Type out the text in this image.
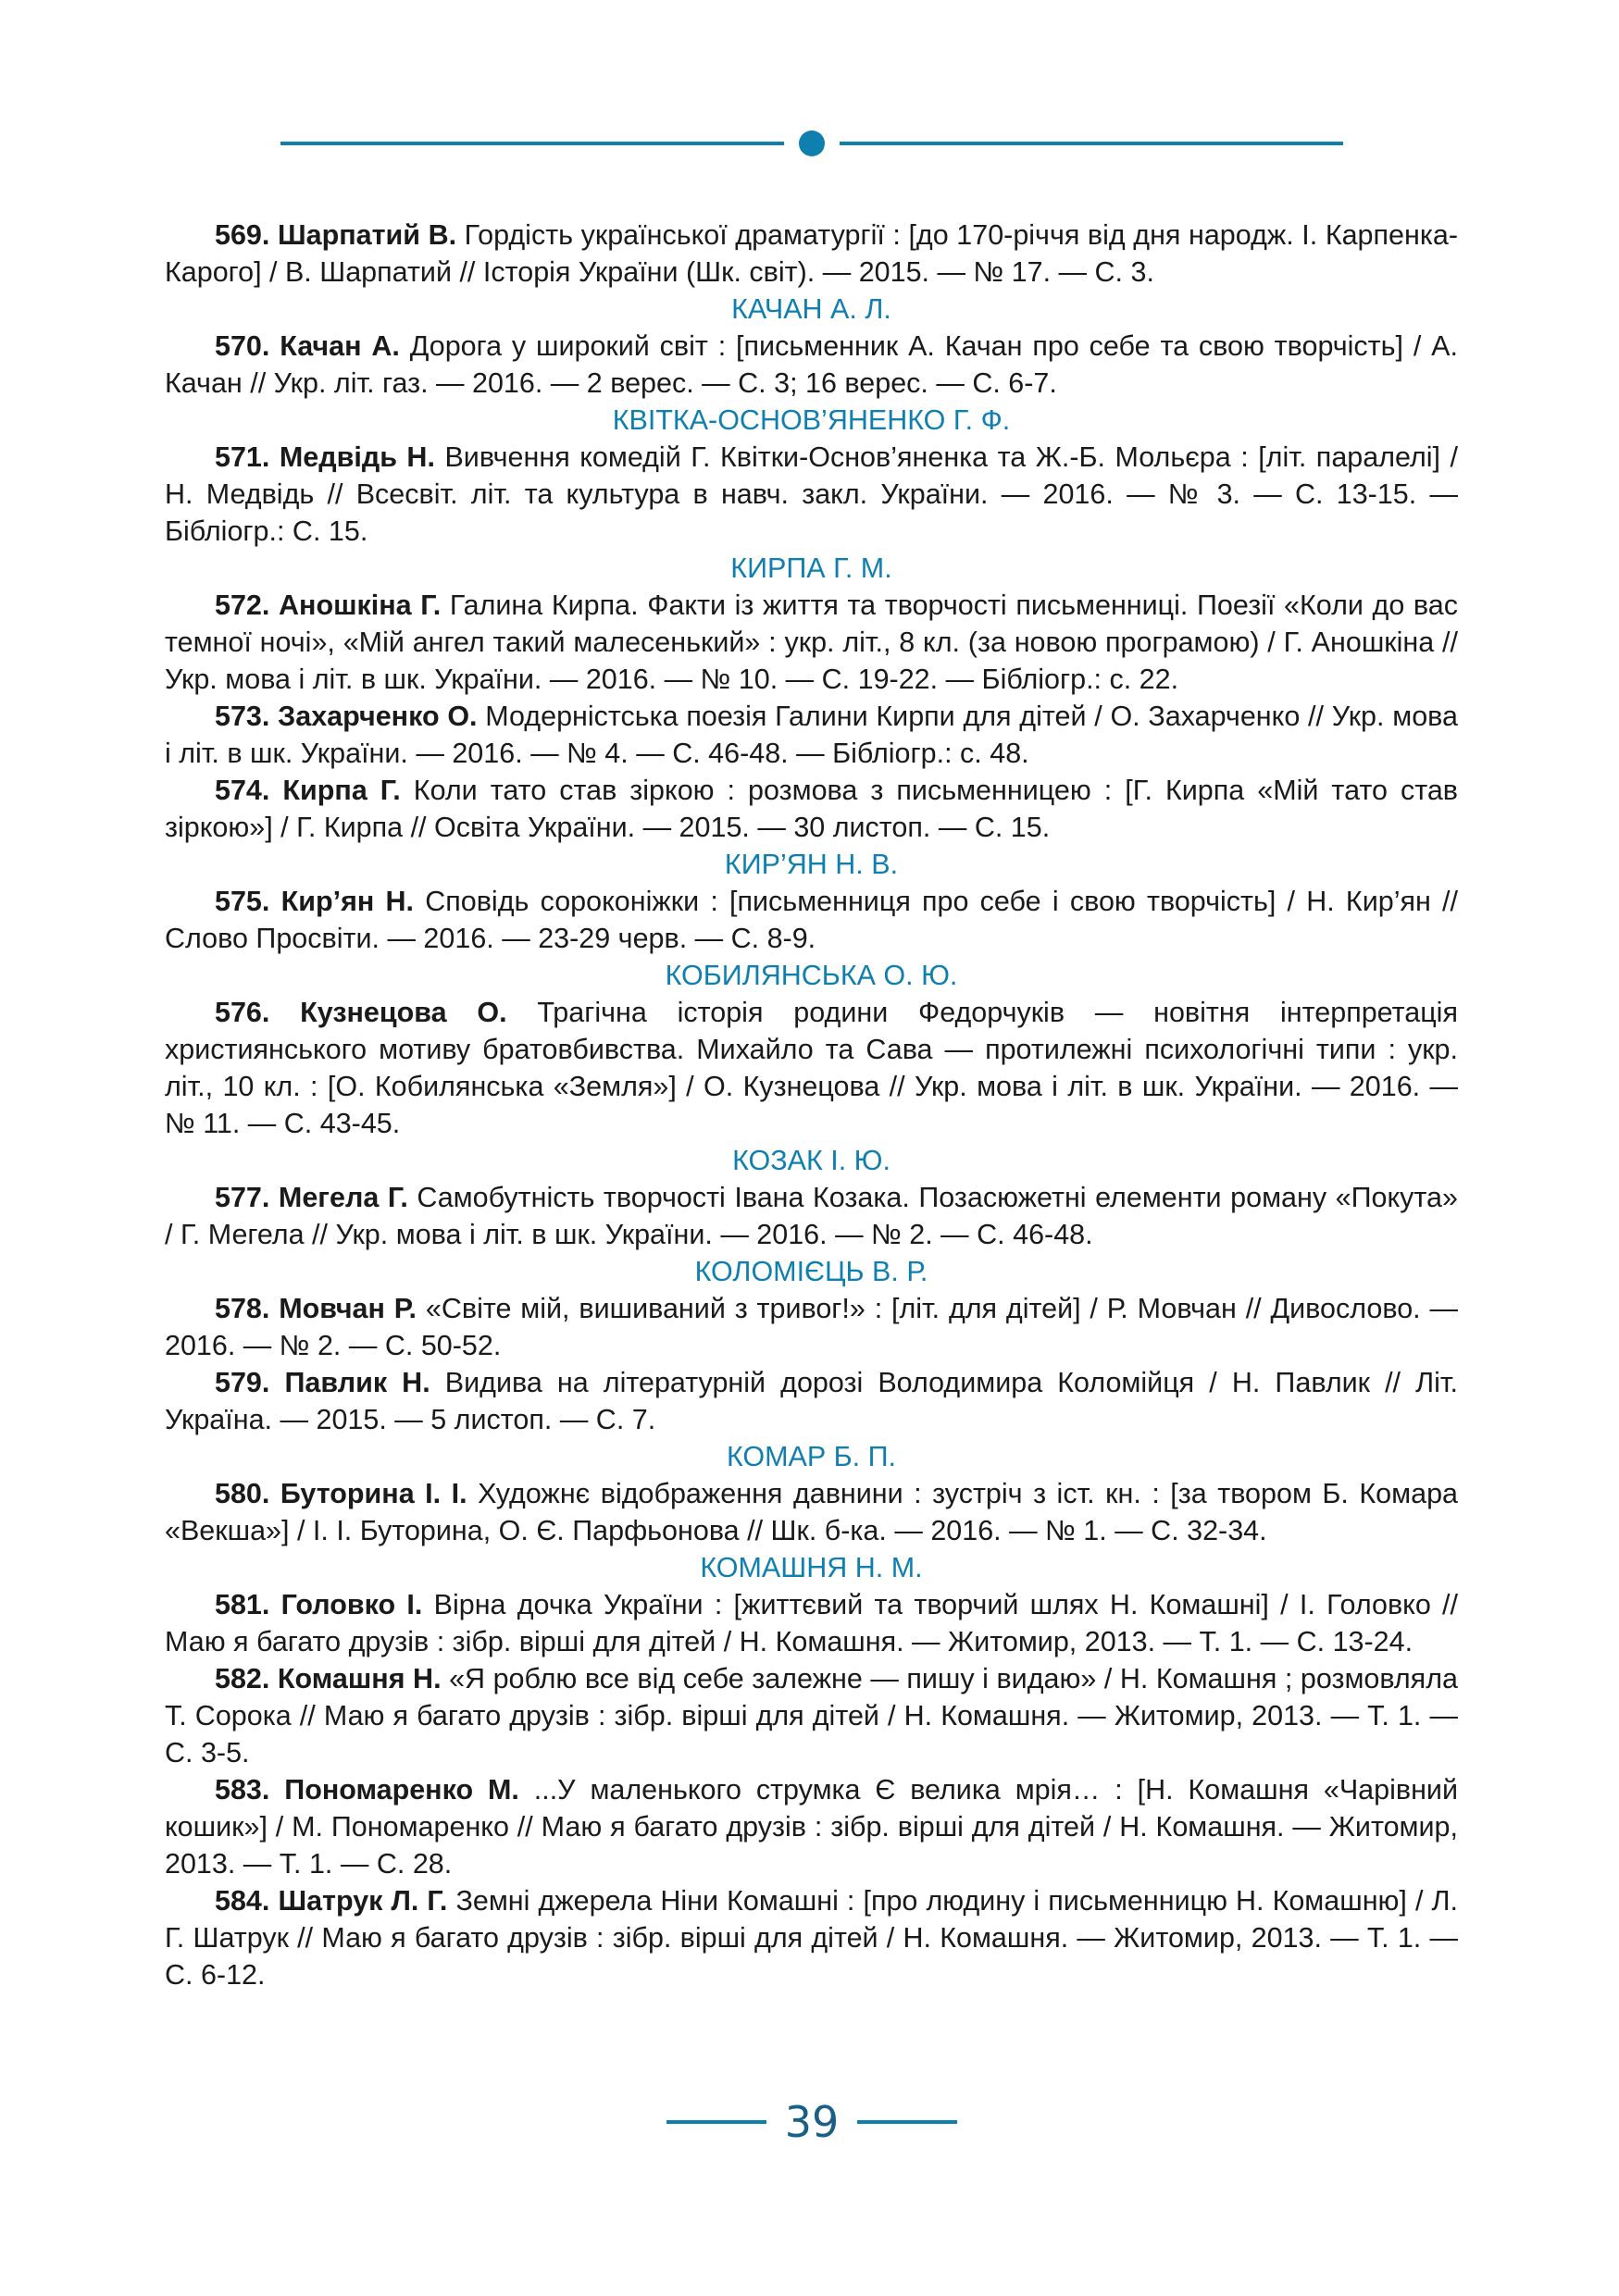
569. Шарпатий В. Гордість української драматургії : [до 170-річчя від дня народж. І. Карпенка-Карого] / В. Шарпатий // Історія України (Шк. світ). — 2015. — № 17. — С. 3.

КАЧАН А. Л.

570. Качан А. Дорога у широкий світ : [письменник А. Качан про себе та свою творчість] / А. Качан // Укр. літ. газ. — 2016. — 2 верес. — С. 3; 16 верес. — С. 6-7.

КВІТКА-ОСНОВ’ЯНЕНКО Г. Ф.

571. Медвідь Н. Вивчення комедій Г. Квітки-Основ’яненка та Ж.-Б. Мольєра : [літ. паралелі] / Н. Медвідь // Всесвіт. літ. та культура в навч. закл. України. — 2016. — № 3. — С. 13-15. — Бібліогр.: С. 15.

КИРПА Г. М.

572. Аношкіна Г. Галина Кирпа. Факти із життя та творчості письменниці. Поезії «Коли до вас темної ночі», «Мій ангел такий малесенький» : укр. літ., 8 кл. (за новою програмою) / Г. Аношкіна // Укр. мова і літ. в шк. України. — 2016. — № 10. — С. 19-22. — Бібліогр.: с. 22.

573. Захарченко О. Модерністська поезія Галини Кирпи для дітей / О. Захарченко // Укр. мова і літ. в шк. України. — 2016. — № 4. — С. 46-48. — Бібліогр.: с. 48.

574. Кирпа Г. Коли тато став зіркою : розмова з письменницею : [Г. Кирпа «Мій тато став зіркою»] / Г. Кирпа // Освіта України. — 2015. — 30 листоп. — С. 15.

КИР’ЯН Н. В.

575. Кир’ян Н. Сповідь сороконіжки : [письменниця про себе і свою творчість] / Н. Кир’ян // Слово Просвіти. — 2016. — 23-29 черв. — С. 8-9.

КОБИЛЯНСЬКА О. Ю.

576. Кузнецова О. Трагічна історія родини Федорчуків — новітня інтерпретація християнського мотиву братовбивства. Михайло та Сава — протилежні психологічні типи : укр. літ., 10 кл. : [О. Кобилянська «Земля»] / О. Кузнецова // Укр. мова і літ. в шк. України. — 2016. — № 11. — С. 43-45.

КОЗАК І. Ю.

577. Мегела Г. Самобутність творчості Івана Козака. Позасюжетні елементи роману «Покута» / Г. Мегела // Укр. мова і літ. в шк. України. — 2016. — № 2. — С. 46-48.

КОЛОМІЄЦЬ В. Р.

578. Мовчан Р. «Світе мій, вишиваний з тривог!» : [літ. для дітей] / Р. Мовчан // Дивослово. — 2016. — № 2. — С. 50-52.

579. Павлик Н. Видива на літературній дорозі Володимира Коломійця / Н. Павлик // Літ. Україна. — 2015. — 5 листоп. — С. 7.

КОМАР Б. П.

580. Буторина І. І. Художнє відображення давнини : зустріч з іст. кн. : [за твором Б. Комара «Векша»] / І. І. Буторина, О. Є. Парфьонова // Шк. б-ка. — 2016. — № 1. — С. 32-34.

КОМАШНЯ Н. М.

581. Головко І. Вірна дочка України : [життєвий та творчий шлях Н. Комашні] / І. Головко // Маю я багато друзів : зібр. вірші для дітей / Н. Комашня. — Житомир, 2013. — Т. 1. — С. 13-24.

582. Комашня Н. «Я роблю все від себе залежне — пишу і видаю» / Н. Комашня ; розмовляла Т. Сорока // Маю я багато друзів : зібр. вірші для дітей / Н. Комашня. — Житомир, 2013. — Т. 1. — С. 3-5.

583. Пономаренко М. ...У маленького струмка Є велика мрія… : [Н. Комашня «Чарівний кошик»] / М. Пономаренко // Маю я багато друзів : зібр. вірші для дітей / Н. Комашня. — Житомир, 2013. — Т. 1. — С. 28.

584. Шатрук Л. Г. Земні джерела Ніни Комашні : [про людину і письменницю Н. Комашню] / Л. Г. Шатрук // Маю я багато друзів : зібр. вірші для дітей / Н. Комашня. — Житомир, 2013. — Т. 1. — С. 6-12.

39
